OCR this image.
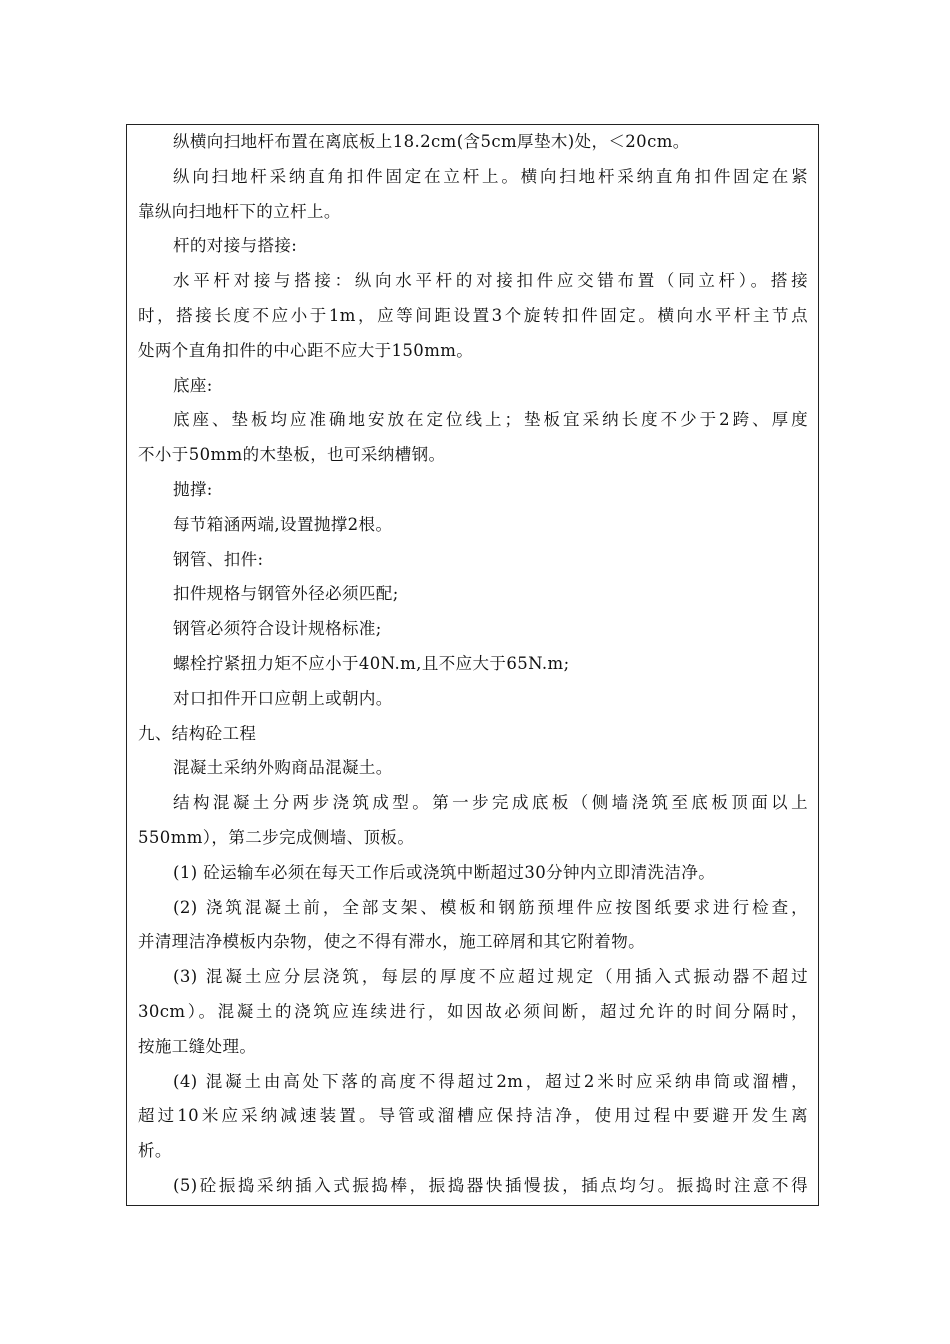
纵横向扫地杆布置在离底板上18.2cm(含5cm厚垫木)处，＜20cm。
纵向扫地杆采纳直角扣件固定在立杆上。横向扫地杆采纳直角扣件固定在紧
靠纵向扫地杆下的立杆上。
杆的对接与搭接:
水平杆对接与搭接：纵向水平杆的对接扣件应交错布置（同立杆）。搭接
时，搭接长度不应小于1m，应等间距设置3个旋转扣件固定。横向水平杆主节点
处两个直角扣件的中心距不应大于150mm。
底座:
底座、垫板均应准确地安放在定位线上；垫板宜采纳长度不少于2跨、厚度
不小于50mm的木垫板，也可采纳槽钢。
抛撑:
每节箱涵两端,设置抛撑2根。
钢管、扣件:
扣件规格与钢管外径必须匹配;
钢管必须符合设计规格标准;
螺栓拧紧扭力矩不应小于40N.m,且不应大于65N.m;
对口扣件开口应朝上或朝内。
九、结构砼工程
混凝土采纳外购商品混凝土。
结构混凝土分两步浇筑成型。第一步完成底板（侧墙浇筑至底板顶面以上
550mm），第二步完成侧墙、顶板。
(1) 砼运输车必须在每天工作后或浇筑中断超过30分钟内立即清洗洁净。
(2) 浇筑混凝土前，全部支架、模板和钢筋预埋件应按图纸要求进行检查，
并清理洁净模板内杂物，使之不得有滞水，施工碎屑和其它附着物。
(3) 混凝土应分层浇筑，每层的厚度不应超过规定（用插入式振动器不超过
30cm）。混凝土的浇筑应连续进行，如因故必须间断，超过允许的时间分隔时，
按施工缝处理。
(4) 混凝土由高处下落的高度不得超过2m，超过2米时应采纳串筒或溜槽，
超过10米应采纳减速装置。导管或溜槽应保持洁净，使用过程中要避开发生离
析。
(5)砼振捣采纳插入式振捣棒，振捣器快插慢拔，插点均匀。振捣时注意不得
